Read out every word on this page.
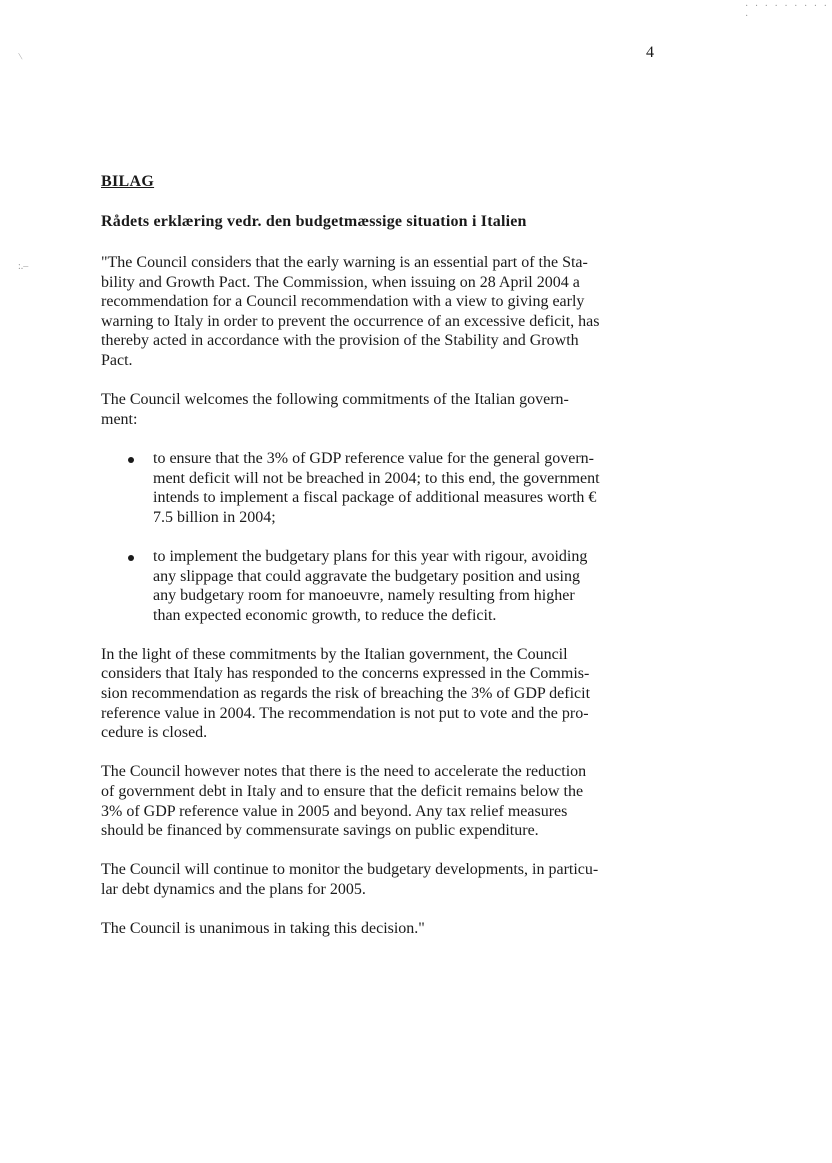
· · · · · · · · · ·
/
:.–
4
BILAG
Rådets erklæring vedr. den budgetmæssige situation i Italien

"The Council considers that the early warning is an essential part of the Sta-
bility and Growth Pact. The Commission, when issuing on 28 April 2004 a
recommendation for a Council recommendation with a view to giving early
warning to Italy in order to prevent the occurrence of an excessive deficit, has
thereby acted in accordance with the provision of the Stability and Growth
Pact.

The Council welcomes the following commitments of the Italian govern-
ment:

to ensure that the 3% of GDP reference value for the general govern-
ment deficit will not be breached in 2004; to this end, the government
intends to implement a fiscal package of additional measures worth €
7.5 billion in 2004;
to implement the budgetary plans for this year with rigour, avoiding
any slippage that could aggravate the budgetary position and using
any budgetary room for manoeuvre, namely resulting from higher
than expected economic growth, to reduce the deficit.

In the light of these commitments by the Italian government, the Council
considers that Italy has responded to the concerns expressed in the Commis-
sion recommendation as regards the risk of breaching the 3% of GDP deficit
reference value in 2004. The recommendation is not put to vote and the pro-
cedure is closed.

The Council however notes that there is the need to accelerate the reduction
of government debt in Italy and to ensure that the deficit remains below the
3% of GDP reference value in 2005 and beyond. Any tax relief measures
should be financed by commensurate savings on public expenditure.

The Council will continue to monitor the budgetary developments, in particu-
lar debt dynamics and the plans for 2005.

The Council is unanimous in taking this decision."
